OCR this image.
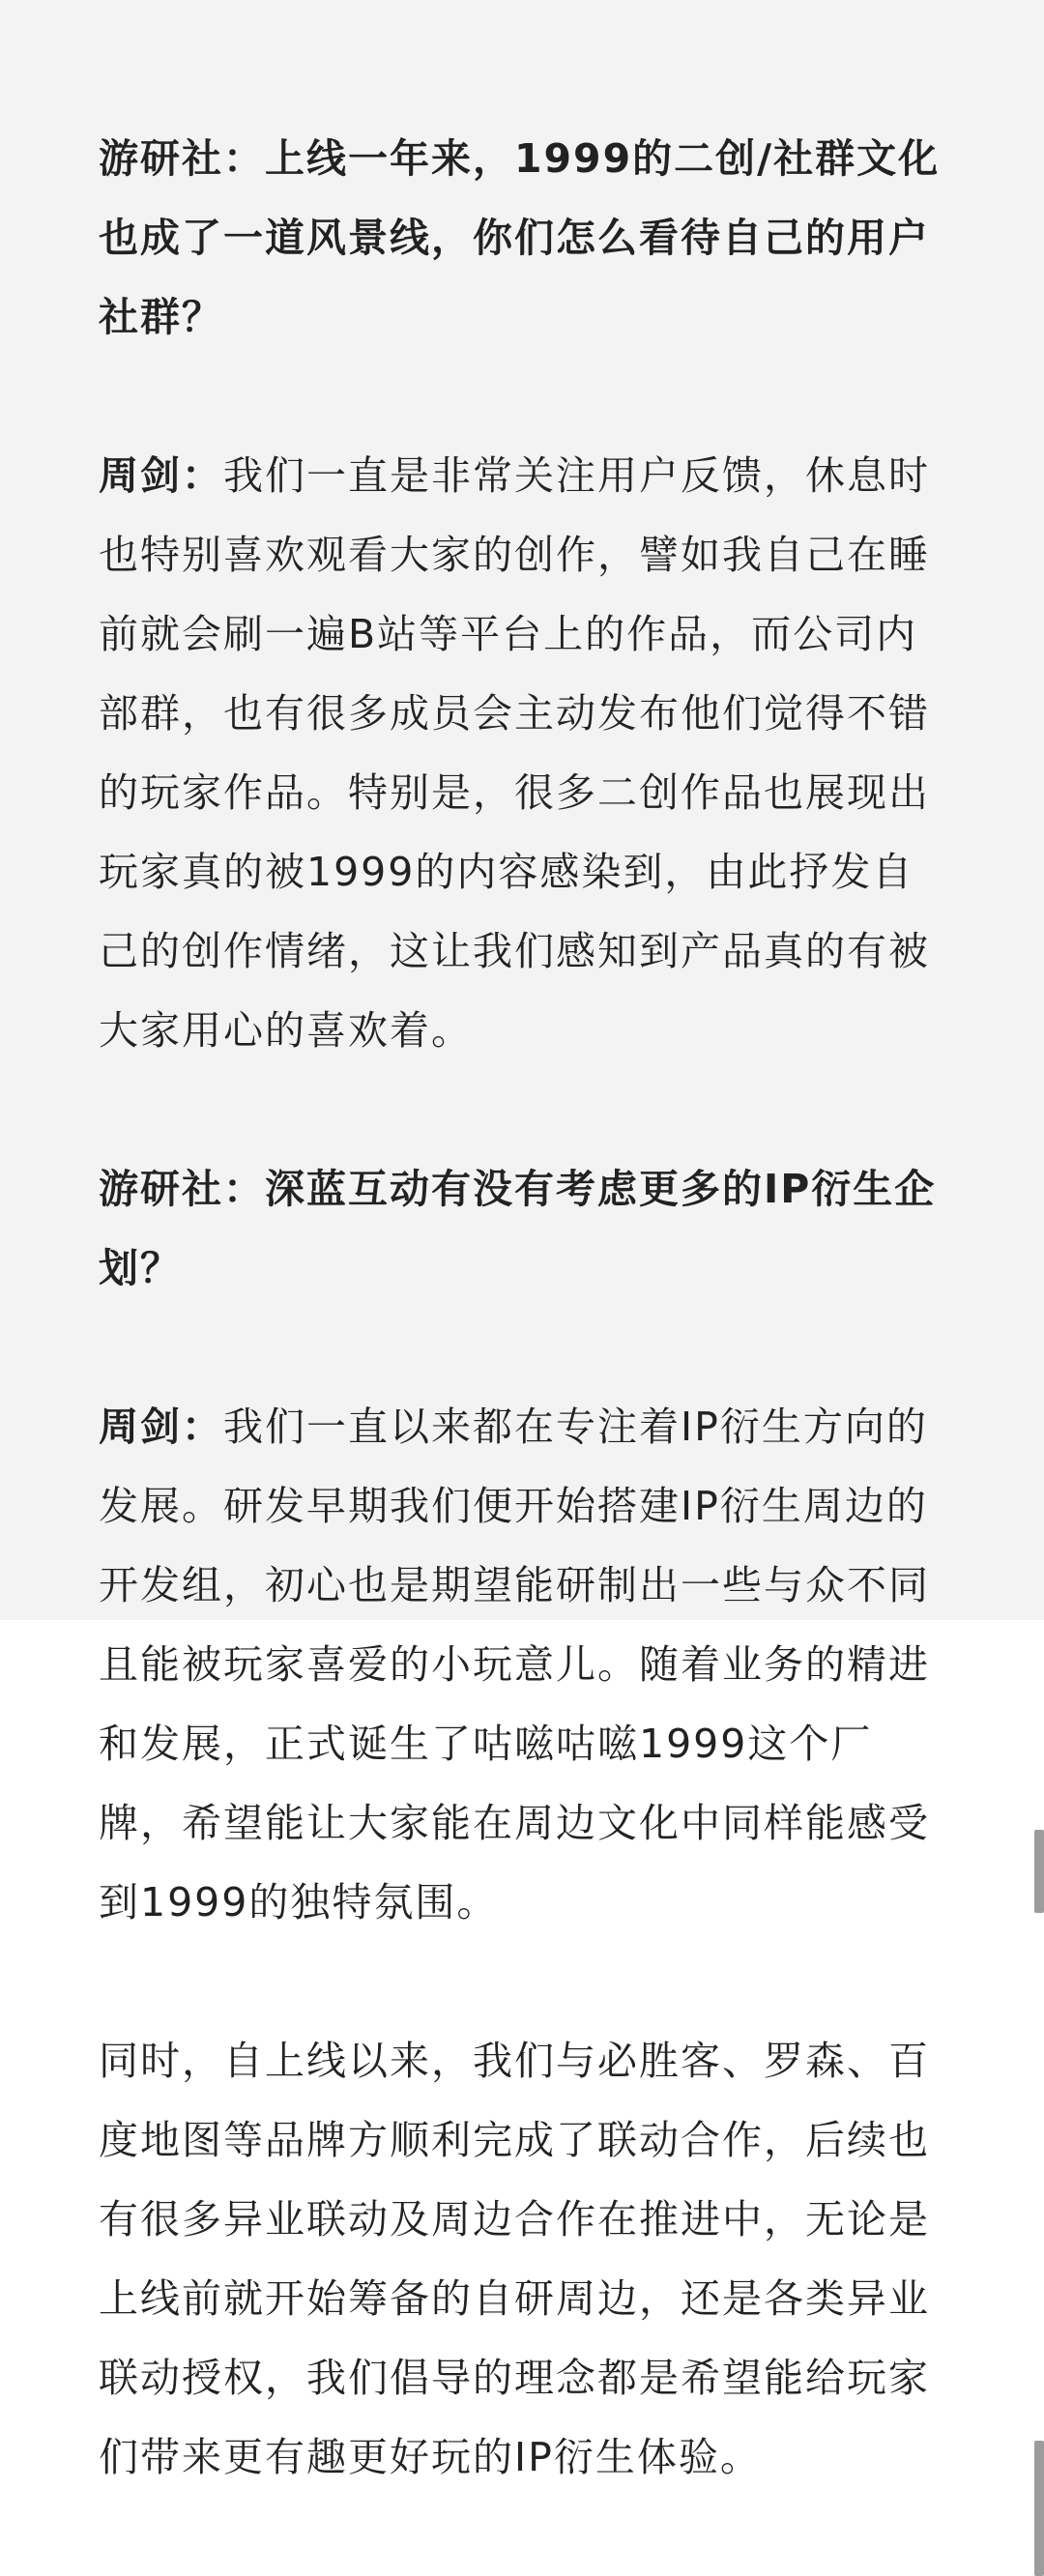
游研社：上线一年来，1999的二创/社群文化也成了一道风景线，你们怎么看待自己的用户社群？

周剑：我们一直是非常关注用户反馈，休息时也特别喜欢观看大家的创作，譬如我自己在睡前就会刷一遍B站等平台上的作品，而公司内部群，也有很多成员会主动发布他们觉得不错的玩家作品。特别是，很多二创作品也展现出玩家真的被1999的内容感染到，由此抒发自己的创作情绪，这让我们感知到产品真的有被大家用心的喜欢着。

游研社：深蓝互动有没有考虑更多的IP衍生企划？

周剑：我们一直以来都在专注着IP衍生方向的发展。研发早期我们便开始搭建IP衍生周边的开发组，初心也是期望能研制出一些与众不同且能被玩家喜爱的小玩意儿。随着业务的精进和发展，正式诞生了咕嗞咕嗞1999这个厂牌，希望能让大家能在周边文化中同样能感受到1999的独特氛围。

同时，自上线以来，我们与必胜客、罗森、百度地图等品牌方顺利完成了联动合作，后续也有很多异业联动及周边合作在推进中，无论是上线前就开始筹备的自研周边，还是各类异业联动授权，我们倡导的理念都是希望能给玩家们带来更有趣更好玩的IP衍生体验。
